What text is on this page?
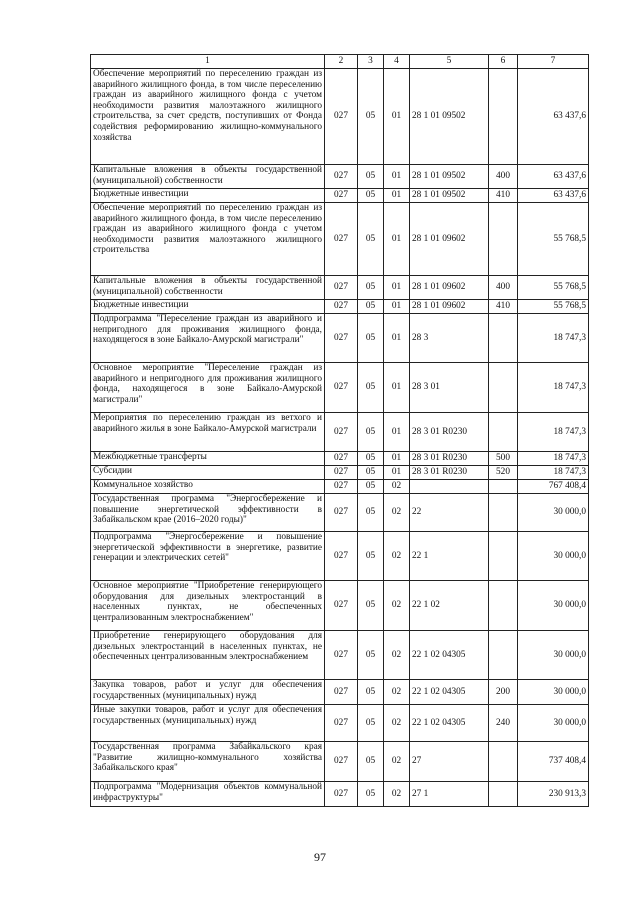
1	2	3	4	5	6	7
Обеспечение мероприятий по переселению граждан из аварийного жилищного фонда, в том числе переселению граждан из аварийного жилищного фонда с учетом необходимости развития малоэтажного жилищного строительства, за счет средств, поступивших от Фонда содействия реформированию жилищно-коммунального хозяйства	027	05	01	28 1 01 09502		63 437,6
Капитальные вложения в объекты государственной (муниципальной) собственности	027	05	01	28 1 01 09502	400	63 437,6
Бюджетные инвестиции	027	05	01	28 1 01 09502	410	63 437,6
Обеспечение мероприятий по переселению граждан из аварийного жилищного фонда, в том числе переселению граждан из аварийного жилищного фонда с учетом необходимости развития малоэтажного жилищного строительства	027	05	01	28 1 01 09602		55 768,5
Капитальные вложения в объекты государственной (муниципальной) собственности	027	05	01	28 1 01 09602	400	55 768,5
Бюджетные инвестиции	027	05	01	28 1 01 09602	410	55 768,5
Подпрограмма "Переселение граждан из аварийного и непригодного для проживания жилищного фонда, находящегося в зоне Байкало-Амурской магистрали"	027	05	01	28 3		18 747,3
Основное мероприятие "Переселение граждан из аварийного и непригодного для проживания жилищного фонда, находящегося в зоне Байкало-Амурской магистрали"	027	05	01	28 3 01		18 747,3
Мероприятия по переселению граждан из ветхого и аварийного жилья в зоне Байкало-Амурской магистрали	027	05	01	28 3 01 R0230		18 747,3
Межбюджетные трансферты	027	05	01	28 3 01 R0230	500	18 747,3
Субсидии	027	05	01	28 3 01 R0230	520	18 747,3
Коммунальное хозяйство	027	05	02			767 408,4
Государственная программа "Энергосбережение и повышение энергетической эффективности в Забайкальском крае (2016–2020 годы)"	027	05	02	22		30 000,0
Подпрограмма "Энергосбережение и повышение энергетической эффективности в энергетике, развитие генерации и электрических сетей"	027	05	02	22 1		30 000,0
Основное мероприятие "Приобретение генерирующего оборудования для дизельных электростанций в населенных пунктах, не обеспеченных централизованным электроснабжением"	027	05	02	22 1 02		30 000,0
Приобретение генерирующего оборудования для дизельных электростанций в населенных пунктах, не обеспеченных централизованным электроснабжением	027	05	02	22 1 02 04305		30 000,0
Закупка товаров, работ и услуг для обеспечения государственных (муниципальных) нужд	027	05	02	22 1 02 04305	200	30 000,0
Иные закупки товаров, работ и услуг для обеспечения государственных (муниципальных) нужд	027	05	02	22 1 02 04305	240	30 000,0
Государственная программа Забайкальского края "Развитие жилищно-коммунального хозяйства Забайкальского края"	027	05	02	27		737 408,4
Подпрограмма "Модернизация объектов коммунальной инфраструктуры"	027	05	02	27 1		230 913,3
97
